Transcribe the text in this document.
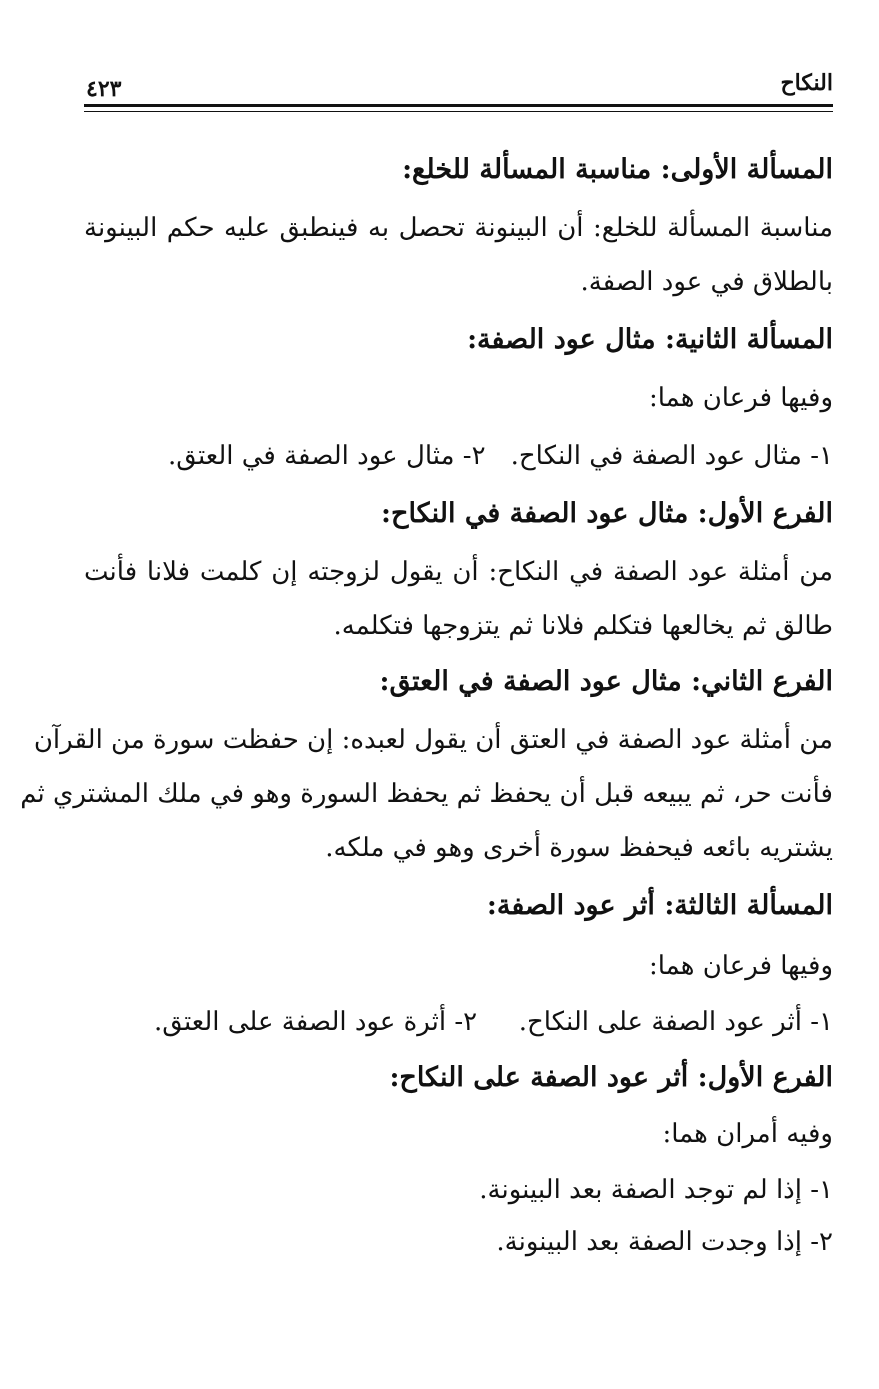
النكاح
٤٢٣
المسألة الأولى: مناسبة المسألة للخلع:
مناسبة المسألة للخلع: أن البينونة تحصل به فينطبق عليه حكم البينونة
بالطلاق في عود الصفة.
المسألة الثانية: مثال عود الصفة:
وفيها فرعان هما:
١- مثال عود الصفة في النكاح.
٢- مثال عود الصفة في العتق.
الفرع الأول: مثال عود الصفة في النكاح:
من أمثلة عود الصفة في النكاح: أن يقول لزوجته إن كلمت فلانا فأنت
طالق ثم يخالعها فتكلم فلانا ثم يتزوجها فتكلمه.
الفرع الثاني: مثال عود الصفة في العتق:
من أمثلة عود الصفة في العتق أن يقول لعبده: إن حفظت سورة من القرآن
فأنت حر، ثم يبيعه قبل أن يحفظ ثم يحفظ السورة وهو في ملك المشتري ثم
يشتريه بائعه فيحفظ سورة أخرى وهو في ملكه.
المسألة الثالثة: أثر عود الصفة:
وفيها فرعان هما:
١- أثر عود الصفة على النكاح.
٢- أثرة عود الصفة على العتق.
الفرع الأول: أثر عود الصفة على النكاح:
وفيه أمران هما:
١- إذا لم توجد الصفة بعد البينونة.
٢- إذا وجدت الصفة بعد البينونة.
